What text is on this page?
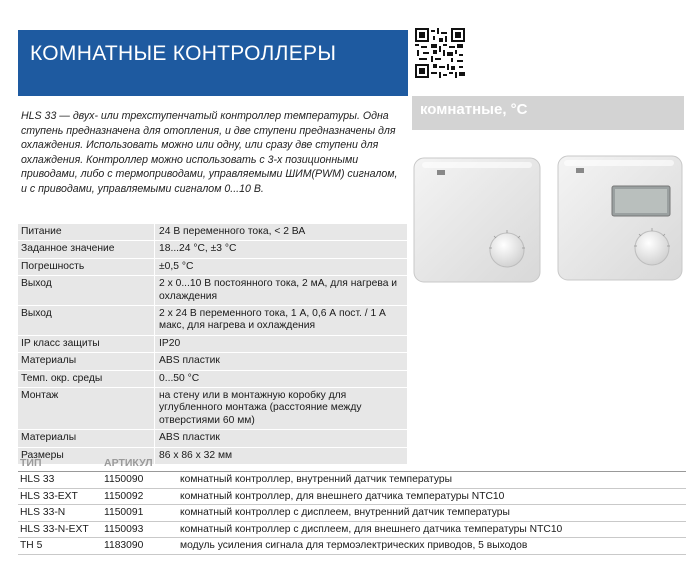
КОМНАТНЫЕ КОНТРОЛЛЕРЫ
комнатные, °C
HLS 33 — двух- или трехступенчатый контроллер температуры. Одна ступень предназначена для отопления, и две ступени предназначены для охлаждения. Использовать можно или одну, или сразу две ступени для охлаждения. Контроллер можно использовать с 3-х позиционными приводами, либо с термоприводами, управляемыми ШИМ(PWM) сигналом, и с приводами, управляемыми сигналом 0...10 В.
Питание	24 В переменного тока, < 2 ВА
Заданное значение	18...24 °C, ±3 °C
Погрешность	±0,5 °C
Выход	2 x 0...10 В постоянного тока, 2 мА, для нагрева и охлаждения
Выход	2 x 24 В переменного тока, 1 А, 0,6 А пост. / 1 А макс, для нагрева и охлаждения
IP класс защиты	IP20
Материалы	ABS пластик
Темп. окр. среды	0...50 °C
Монтаж	на стену или в монтажную коробку для углубленного монтажа (расстояние между отверстиями 60 мм)
Материалы	ABS пластик
Размеры	86 x 86 x 32 мм
ТИП	АРТИКУЛ
HLS 33	1150090	комнатный контроллер, внутренний датчик температуры
HLS 33-EXT	1150092	комнатный контроллер, для внешнего датчика температуры NTC10
HLS 33-N	1150091	комнатный контроллер с дисплеем, внутренний датчик температуры
HLS 33-N-EXT	1150093	комнатный контроллер с дисплеем, для внешнего датчика температуры NTC10
TH 5	1183090	модуль усиления сигнала для термоэлектрических приводов, 5 выходов
